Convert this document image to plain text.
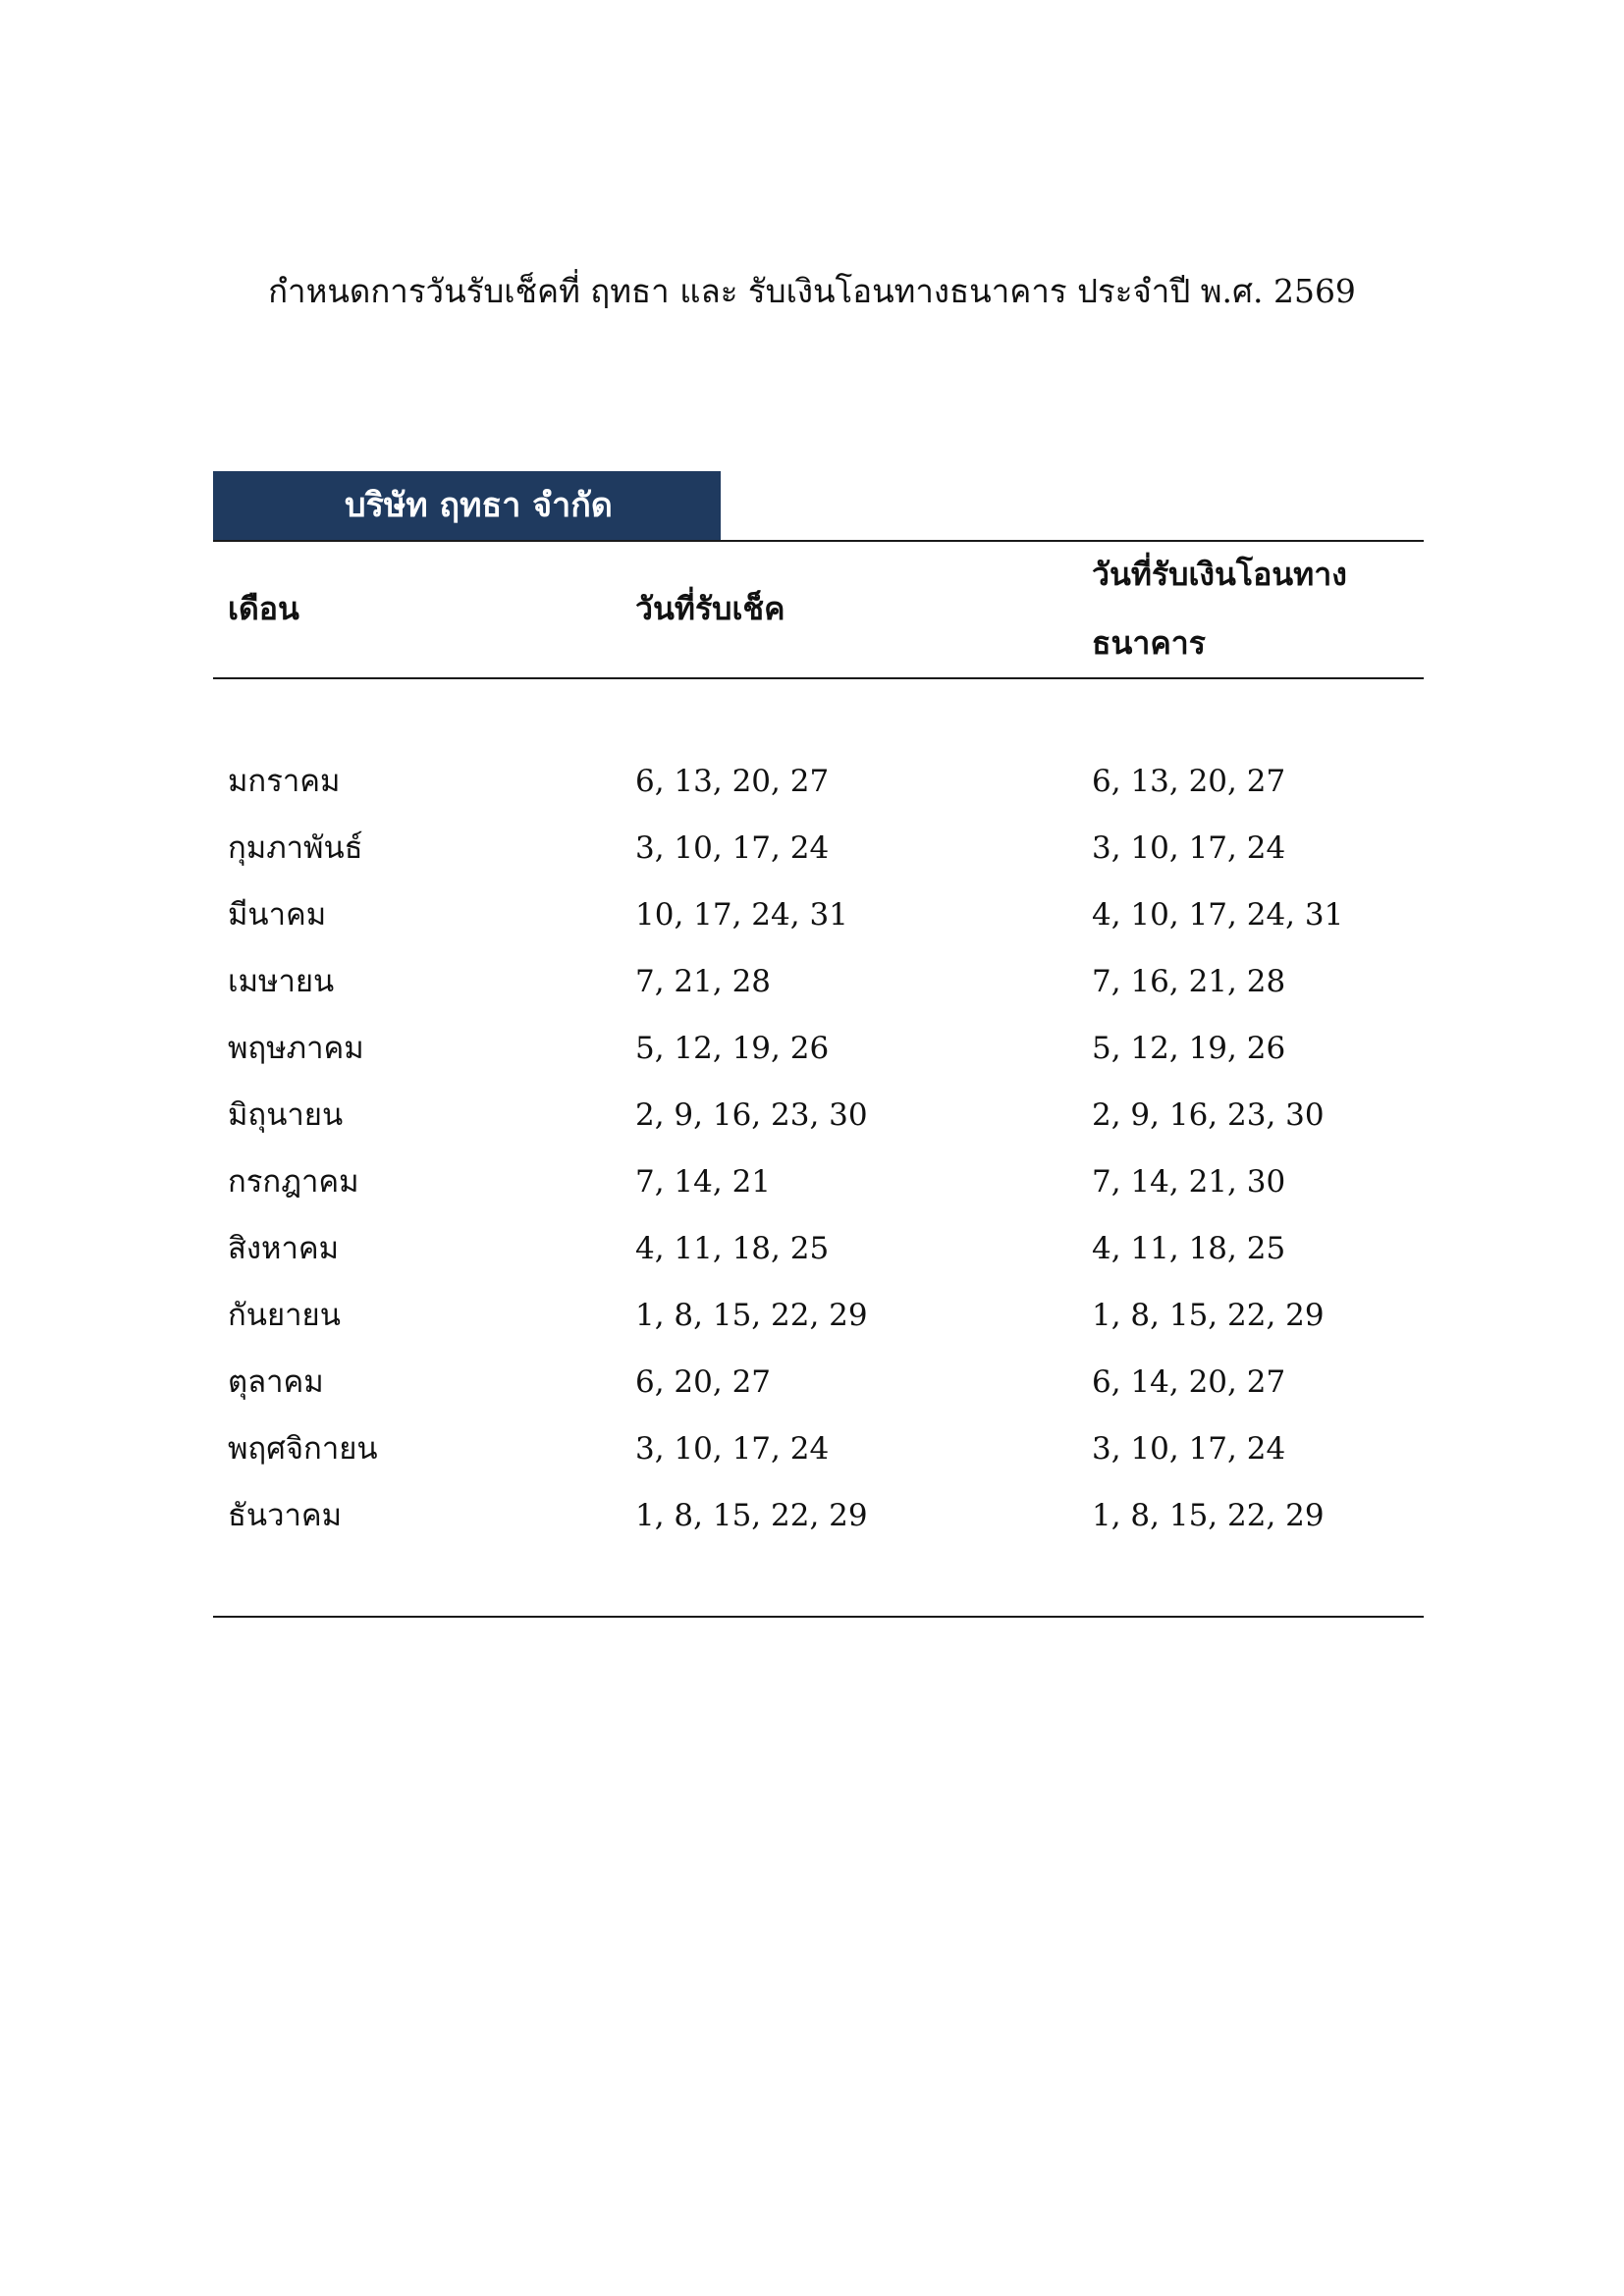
กำหนดการวันรับเช็คที่ ฤทธา และ รับเงินโอนทางธนาคาร ประจำปี พ.ศ. 2569
บริษัท ฤทธา จำกัด
เดือน	วันที่รับเช็ค
วันที่รับเงินโอนทาง
ธนาคาร
มกราคม	6, 13, 20, 27	6, 13, 20, 27
กุมภาพันธ์	3, 10, 17, 24	3, 10, 17, 24
มีนาคม	10, 17, 24, 31	4, 10, 17, 24, 31
เมษายน	7, 21, 28	7, 16, 21, 28
พฤษภาคม	5, 12, 19, 26	5, 12, 19, 26
มิถุนายน	2, 9, 16, 23, 30	2, 9, 16, 23, 30
กรกฎาคม	7, 14, 21	7, 14, 21, 30
สิงหาคม	4, 11, 18, 25	4, 11, 18, 25
กันยายน	1, 8, 15, 22, 29	1, 8, 15, 22, 29
ตุลาคม	6, 20, 27	6, 14, 20, 27
พฤศจิกายน	3, 10, 17, 24	3, 10, 17, 24
ธันวาคม	1, 8, 15, 22, 29	1, 8, 15, 22, 29
